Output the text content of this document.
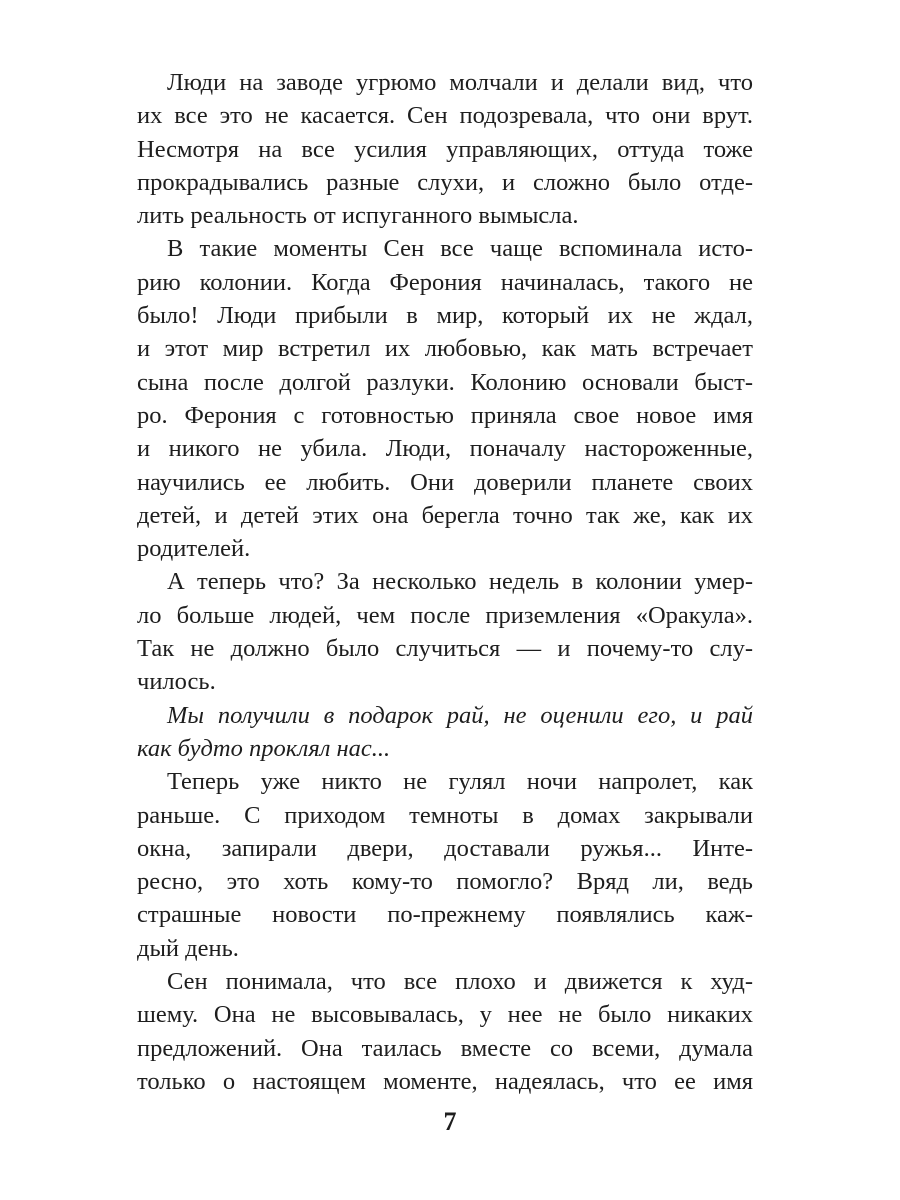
Люди на заводе угрюмо молчали и делали вид, что
их все это не касается. Сен подозревала, что они врут.
Несмотря на все усилия управляющих, оттуда тоже
прокрадывались разные слухи, и сложно было отде-
лить реальность от испуганного вымысла.
В такие моменты Сен все чаще вспоминала исто-
рию колонии. Когда Ферония начиналась, такого не
было! Люди прибыли в мир, который их не ждал,
и этот мир встретил их любовью, как мать встречает
сына после долгой разлуки. Колонию основали быст-
ро. Ферония с готовностью приняла свое новое имя
и никого не убила. Люди, поначалу настороженные,
научились ее любить. Они доверили планете своих
детей, и детей этих она берегла точно так же, как их
родителей.
А теперь что? За несколько недель в колонии умер-
ло больше людей, чем после приземления «Оракула».
Так не должно было случиться — и почему-то слу-
чилось.
Мы получили в подарок рай, не оценили его, и рай
как будто проклял нас...
Теперь уже никто не гулял ночи напролет, как
раньше. С приходом темноты в домах закрывали
окна, запирали двери, доставали ружья... Инте-
ресно, это хоть кому-то помогло? Вряд ли, ведь
страшные новости по-прежнему появлялись каж-
дый день.
Сен понимала, что все плохо и движется к худ-
шему. Она не высовывалась, у нее не было никаких
предложений. Она таилась вместе со всеми, думала
только о настоящем моменте, надеялась, что ее имя
7
